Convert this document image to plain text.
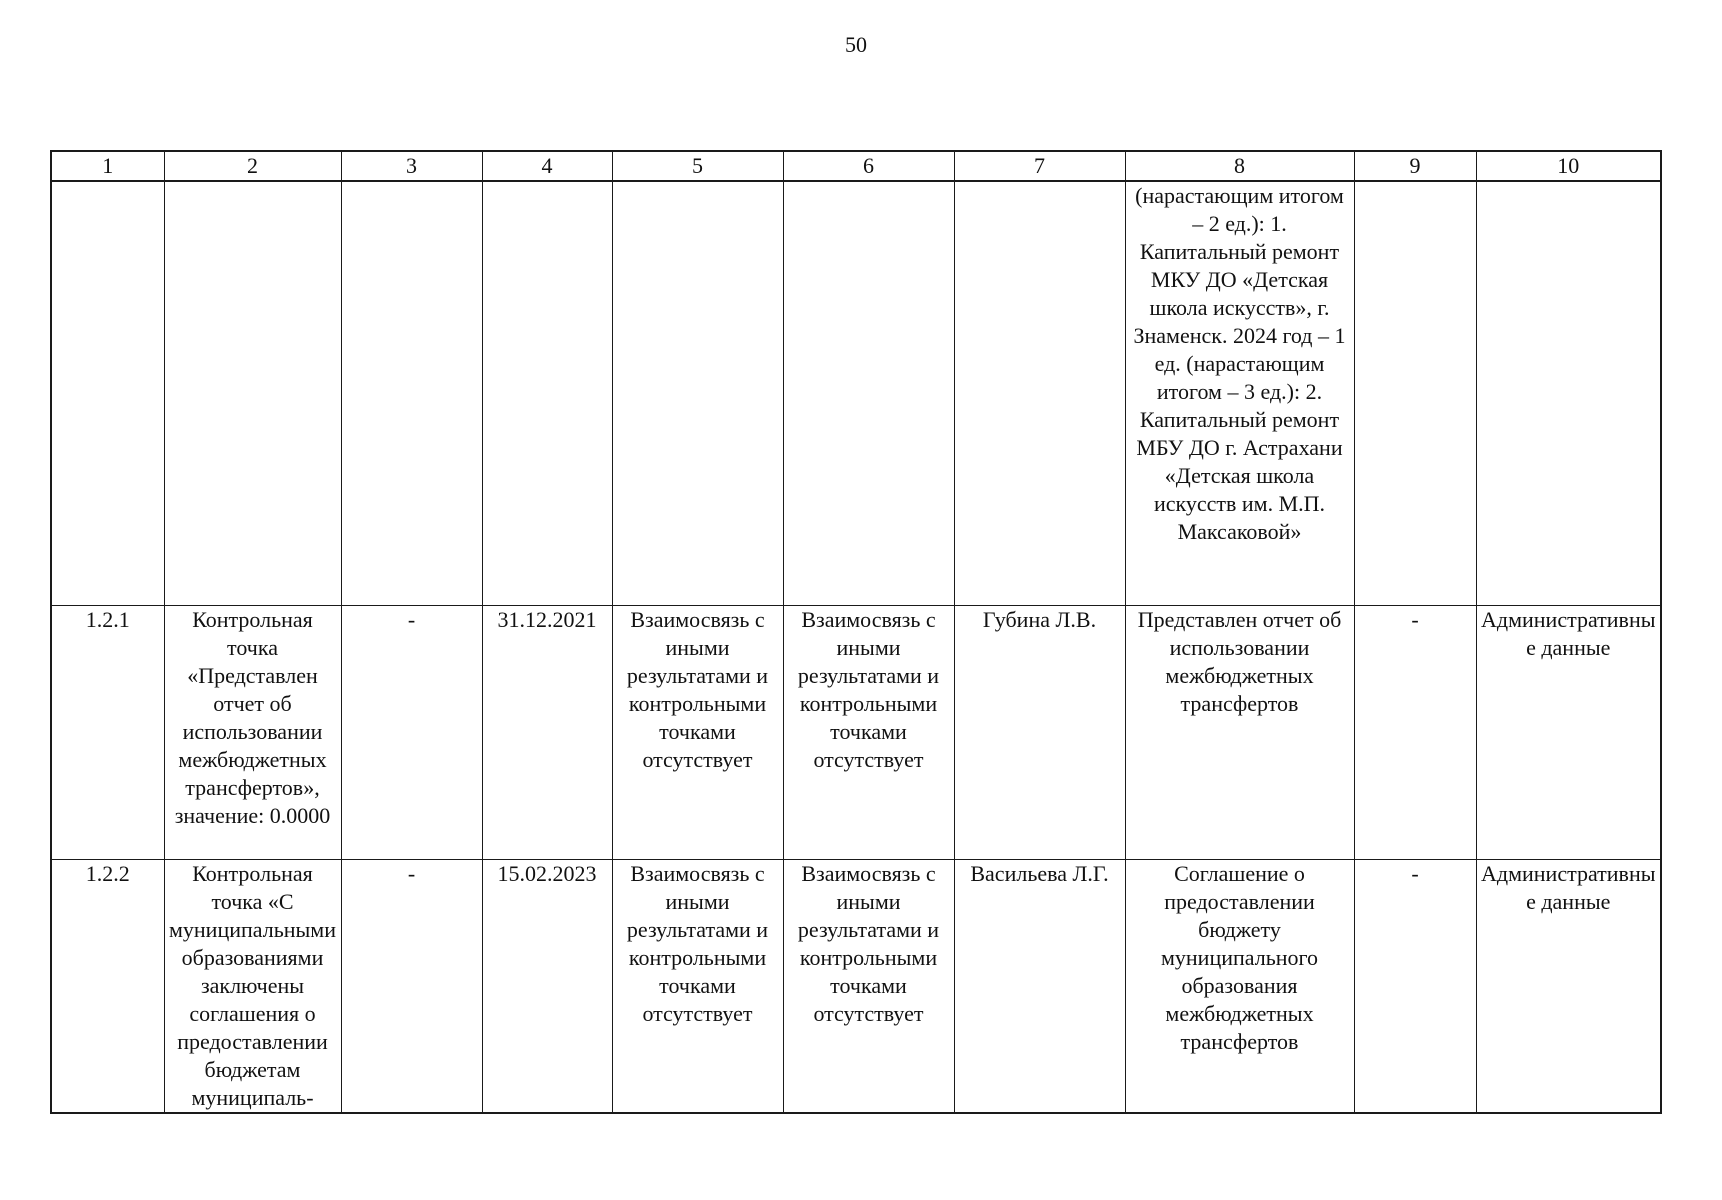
50
1	2	3	4	5	6	7	8	9	10
							(нарастающим итогом – 2 ед.): 1. Капитальный ремонт МКУ ДО «Детская школа искусств», г. Знаменск. 2024 год – 1 ед. (нарастающим итогом – 3 ед.): 2. Капитальный ремонт МБУ ДО г. Астрахани «Детская школа искусств им. М.П. Максаковой»		
1.2.1	Контрольная точка «Представлен отчет об использовании межбюджетных трансфертов», значение: 0.0000	-	31.12.2021	Взаимосвязь с иными результатами и контрольными точками отсутствует	Взаимосвязь с иными результатами и контрольными точками отсутствует	Губина Л.В.	Представлен отчет об использовании межбюджетных трансфертов	-	Административные данные
1.2.2	Контрольная точка «С муниципальными образованиями заключены соглашения о предоставлении бюджетам муниципаль-	-	15.02.2023	Взаимосвязь с иными результатами и контрольными точками отсутствует	Взаимосвязь с иными результатами и контрольными точками отсутствует	Васильева Л.Г.	Соглашение о предоставлении бюджету муниципального образования межбюджетных трансфертов	-	Административные данные
